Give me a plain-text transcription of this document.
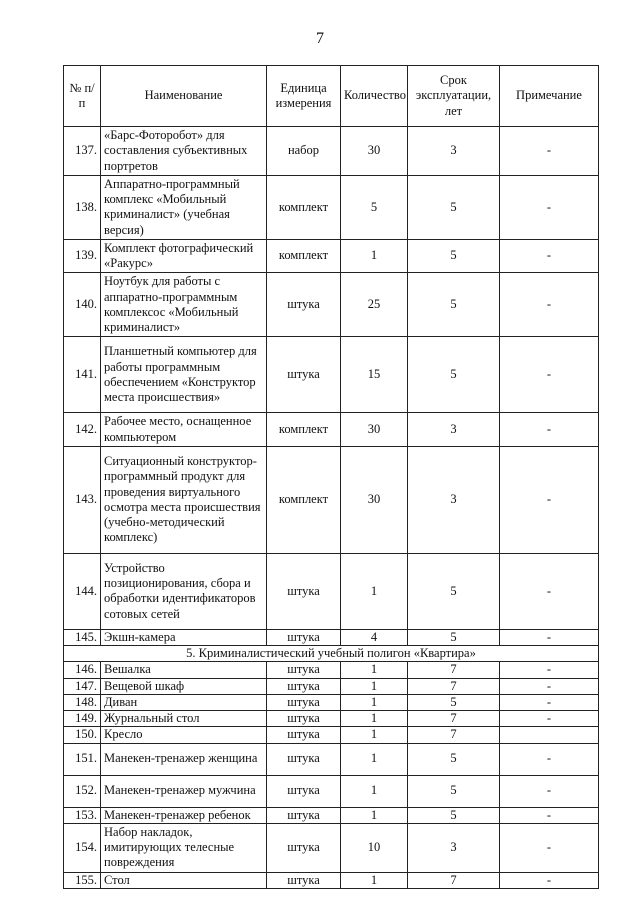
7
№ п/п	Наименование	Единица измерения	Количество	Срок эксплуатации, лет	Примечание
137.	«Барс-Фоторобот» для составления субъективных портретов	набор	30	3	-
138.	Аппаратно-программный комплекс «Мобильный криминалист» (учебная версия)	комплект	5	5	-
139.	Комплект фотографический «Ракурс»	комплект	1	5	-
140.	Ноутбук для работы с аппаратно-программным комплексос «Мобильный криминалист»	штука	25	5	-
141.	Планшетный компьютер для работы программным обеспечением «Конструктор места происшествия»	штука	15	5	-
142.	Рабочее место, оснащенное компьютером	комплект	30	3	-
143.	Ситуационный конструктор-программный продукт для проведения виртуального осмотра места происшествия (учебно-методический комплекс)	комплект	30	3	-
144.	Устройство позиционирования, сбора и обработки идентификаторов сотовых сетей	штука	1	5	-
145.	Экшн-камера	штука	4	5	-
5. Криминалистический учебный полигон «Квартира»					
146.	Вешалка	штука	1	7	-
147.	Вещевой шкаф	штука	1	7	-
148.	Диван	штука	1	5	-
149.	Журнальный стол	штука	1	7	-
150.	Кресло	штука	1	7	
151.	Манекен-тренажер женщина	штука	1	5	-
152.	Манекен-тренажер мужчина	штука	1	5	-
153.	Манекен-тренажер ребенок	штука	1	5	-
154.	Набор накладок, имитирующих телесные повреждения	штука	10	3	-
155.	Стол	штука	1	7	-
